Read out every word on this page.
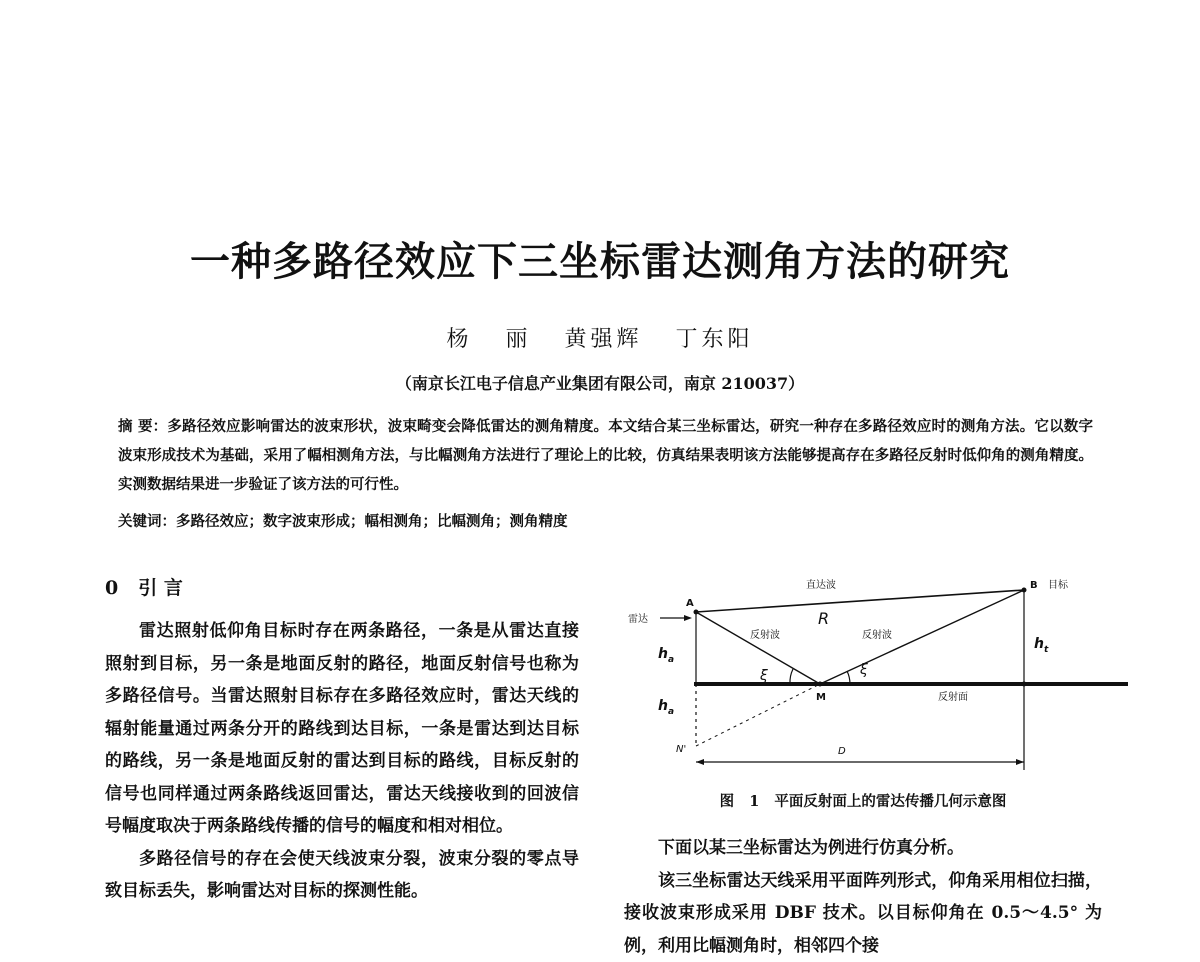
一种多路径效应下三坐标雷达测角方法的研究
杨 丽 黄强辉 丁东阳
（南京长江电子信息产业集团有限公司，南京 210037）
摘 要：多路径效应影响雷达的波束形状，波束畸变会降低雷达的测角精度。本文结合某三坐标雷达，研究一种存在多路径效应时的测角方法。它以数字波束形成技术为基础，采用了幅相测角方法，与比幅测角方法进行了理论上的比较，仿真结果表明该方法能够提高存在多路径反射时低仰角的测角精度。实测数据结果进一步验证了该方法的可行性。
关键词：多路径效应；数字波束形成；幅相测角；比幅测角；测角精度
0 引 言

雷达照射低仰角目标时存在两条路径，一条是从雷达直接照射到目标，另一条是地面反射的路径，地面反射信号也称为多路径信号。当雷达照射目标存在多路径效应时，雷达天线的辐射能量通过两条分开的路线到达目标，一条是雷达到达目标的路线，另一条是地面反射的雷达到目标的路线，目标反射的信号也同样通过两条路线返回雷达，雷达天线接收到的回波信号幅度取决于两条路线传播的信号的幅度和相对相位。

多路径信号的存在会使天线波束分裂，波束分裂的零点导致目标丢失，影响雷达对目标的探测性能。

直达波	B 目标
雷达
A
R
反射波	反射波
$h_a$
$h_t$
ξ	ξ
M	反射面
$h_a$
N'	D
图 1 平面反射面上的雷达传播几何示意图

下面以某三坐标雷达为例进行仿真分析。

该三坐标雷达天线采用平面阵列形式，仰角采用相位扫描，接收波束形成采用 DBF 技术。以目标仰角在 0.5～4.5° 为例，利用比幅测角时，相邻四个接
